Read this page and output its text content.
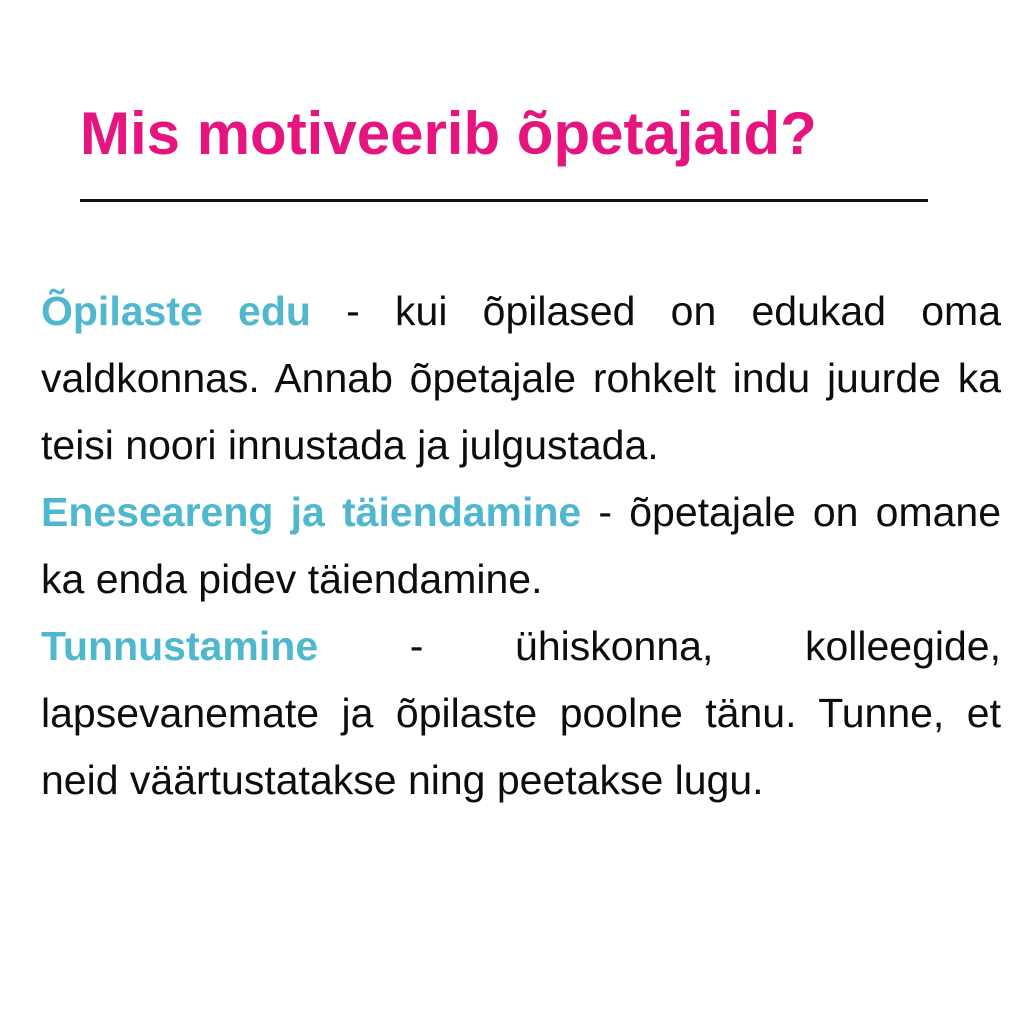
Mis motiveerib õpetajaid?

Õpilaste edu - kui õpilased on edukad oma valdkonnas. Annab õpetajale rohkelt indu juurde ka teisi noori innustada ja julgustada.

Eneseareng ja täiendamine - õpetajale on omane ka enda pidev täiendamine.

Tunnustamine - ühiskonna, kolleegide, lapsevanemate ja õpilaste poolne tänu. Tunne, et neid väärtustatakse ning peetakse lugu.
